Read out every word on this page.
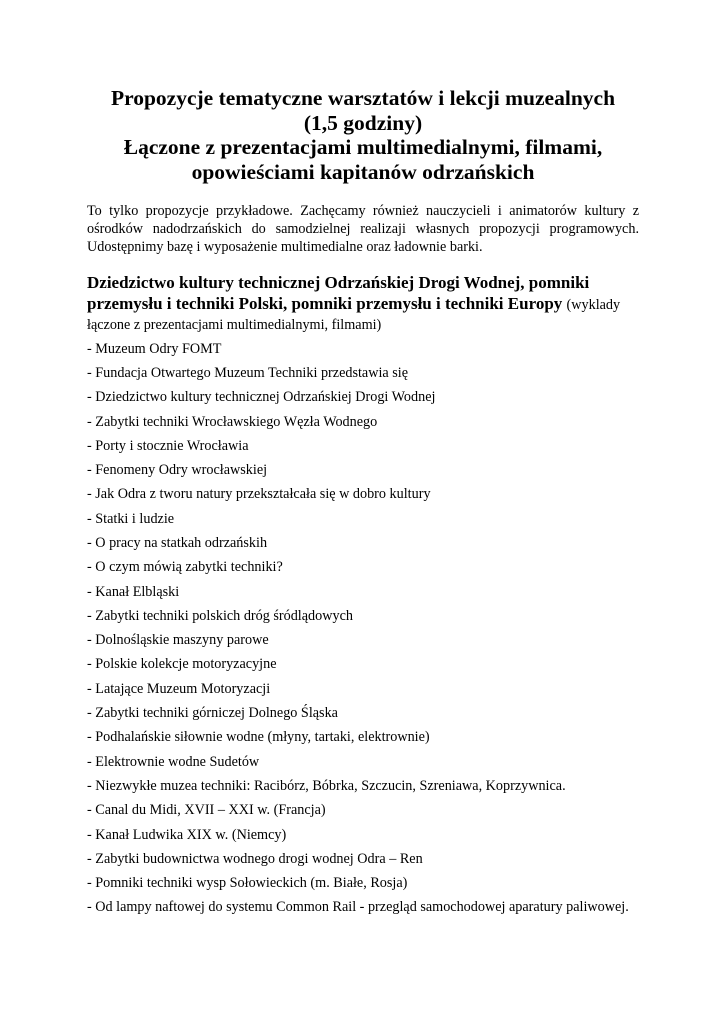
Propozycje tematyczne warsztatów i lekcji muzealnych
(1,5 godziny)
Łączone z prezentacjami multimedialnymi, filmami,
opowieściami kapitanów odrzańskich

To tylko propozycje przykładowe. Zachęcamy również nauczycieli i animatorów kultury z
ośrodków nadodrzańskich do samodzielnej realizaji własnych propozycji programowych.
Udostępnimy bazę i wyposażenie multimedialne oraz ładownie barki.

Dziedzictwo kultury technicznej Odrzańskiej Drogi Wodnej, pomniki
przemysłu i techniki Polski, pomniki przemysłu i techniki Europy (wyklady
łączone z prezentacjami multimedialnymi, filmami)
- Muzeum Odry FOMT
- Fundacja Otwartego Muzeum Techniki przedstawia się
- Dziedzictwo kultury technicznej Odrzańskiej Drogi Wodnej
- Zabytki techniki Wrocławskiego Węzła Wodnego
- Porty i stocznie Wrocławia
- Fenomeny Odry wrocławskiej
- Jak Odra z tworu natury przekształcała się w dobro kultury
- Statki i ludzie
- O pracy na statkah odrzańskih
- O czym mówią zabytki techniki?
- Kanał Elbląski
- Zabytki techniki polskich dróg śródlądowych
- Dolnośląskie maszyny parowe
- Polskie kolekcje motoryzacyjne
- Latające Muzeum Motoryzacji
- Zabytki techniki górniczej Dolnego Śląska
- Podhalańskie siłownie wodne (młyny, tartaki, elektrownie)
- Elektrownie wodne Sudetów
- Niezwykłe muzea techniki: Racibórz, Bóbrka, Szczucin, Szreniawa, Koprzywnica.
- Canal du Midi, XVII – XXI w. (Francja)
- Kanał Ludwika XIX w. (Niemcy)
- Zabytki budownictwa wodnego drogi wodnej Odra – Ren
- Pomniki techniki wysp Sołowieckich (m. Białe, Rosja)
- Od lampy naftowej do systemu Common Rail - przegląd samochodowej aparatury paliwowej.
